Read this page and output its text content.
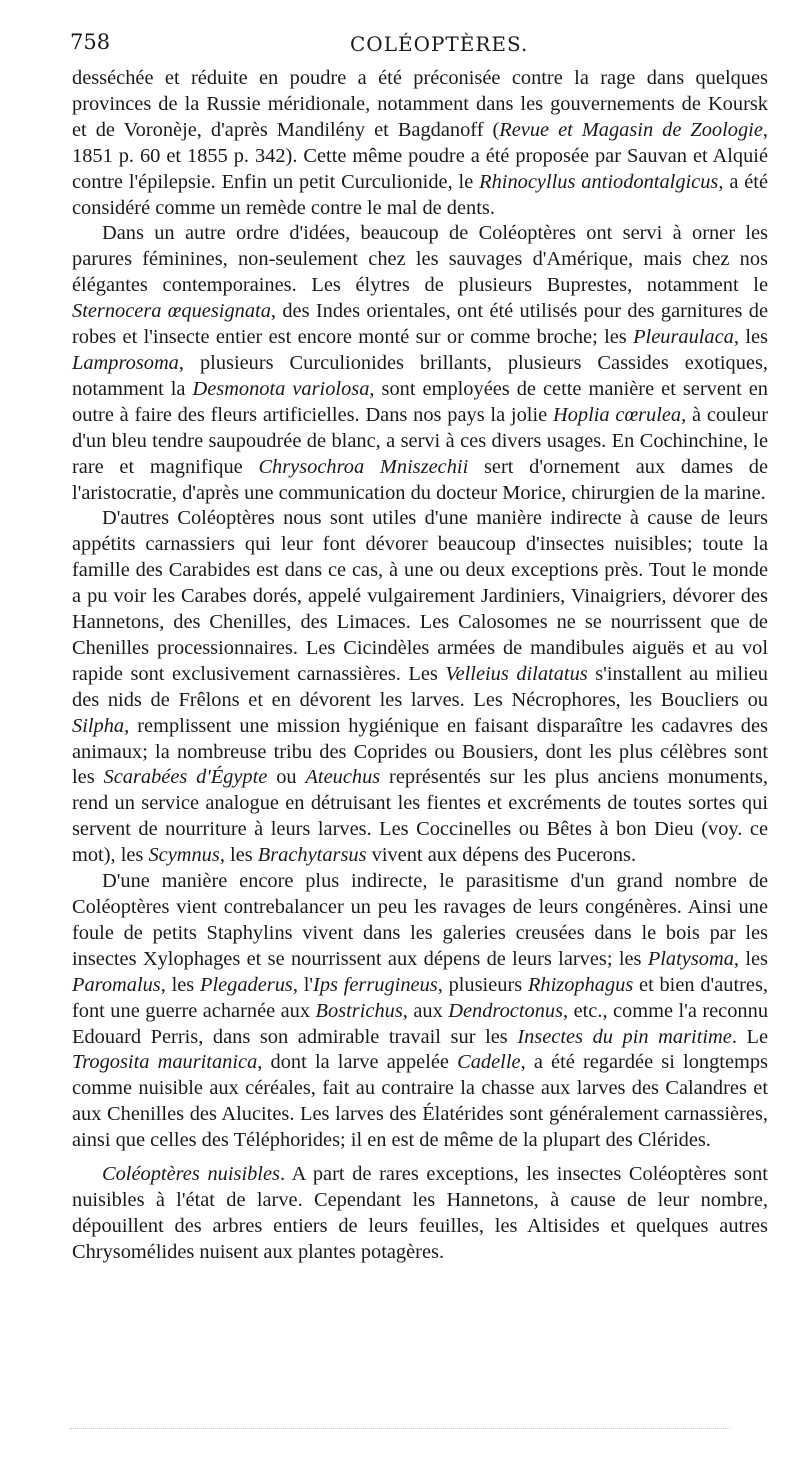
758	COLÉOPTÈRES.

desséchée et réduite en poudre a été préconisée contre la rage dans quelques provinces de la Russie méridionale, notamment dans les gouvernements de Koursk et de Voronèje, d'après Mandilény et Bagdanoff (Revue et Magasin de Zoologie, 1851 p. 60 et 1855 p. 342). Cette même poudre a été proposée par Sauvan et Alquié contre l'épilepsie. Enfin un petit Curculionide, le Rhinocyllus antiodontalgicus, a été considéré comme un remède contre le mal de dents.

Dans un autre ordre d'idées, beaucoup de Coléoptères ont servi à orner les parures féminines, non-seulement chez les sauvages d'Amérique, mais chez nos élégantes contemporaines. Les élytres de plusieurs Buprestes, notamment le Sternocera œquesignata, des Indes orientales, ont été utilisés pour des garnitures de robes et l'insecte entier est encore monté sur or comme broche; les Pleuraulaca, les Lamprosoma, plusieurs Curculionides brillants, plusieurs Cassides exotiques, notamment la Desmonota variolosa, sont employées de cette manière et servent en outre à faire des fleurs artificielles. Dans nos pays la jolie Hoplia cœrulea, à couleur d'un bleu tendre saupoudrée de blanc, a servi à ces divers usages. En Cochinchine, le rare et magnifique Chrysochroa Mniszechii sert d'ornement aux dames de l'aristocratie, d'après une communication du docteur Morice, chirurgien de la marine.

D'autres Coléoptères nous sont utiles d'une manière indirecte à cause de leurs appétits carnassiers qui leur font dévorer beaucoup d'insectes nuisibles; toute la famille des Carabides est dans ce cas, à une ou deux exceptions près. Tout le monde a pu voir les Carabes dorés, appelé vulgairement Jardiniers, Vinaigriers, dévorer des Hannetons, des Chenilles, des Limaces. Les Calosomes ne se nourrissent que de Chenilles processionnaires. Les Cicindèles armées de mandibules aiguës et au vol rapide sont exclusivement carnassières. Les Velleius dilatatus s'installent au milieu des nids de Frêlons et en dévorent les larves. Les Nécrophores, les Boucliers ou Silpha, remplissent une mission hygiénique en faisant disparaître les cadavres des animaux; la nombreuse tribu des Coprides ou Bousiers, dont les plus célèbres sont les Scarabées d'Égypte ou Ateuchus représentés sur les plus anciens monuments, rend un service analogue en détruisant les fientes et excréments de toutes sortes qui servent de nourriture à leurs larves. Les Coccinelles ou Bêtes à bon Dieu (voy. ce mot), les Scymnus, les Brachytarsus vivent aux dépens des Pucerons.

D'une manière encore plus indirecte, le parasitisme d'un grand nombre de Coléoptères vient contrebalancer un peu les ravages de leurs congénères. Ainsi une foule de petits Staphylins vivent dans les galeries creusées dans le bois par les insectes Xylophages et se nourrissent aux dépens de leurs larves; les Platysoma, les Paromalus, les Plegaderus, l'Ips ferrugineus, plusieurs Rhizophagus et bien d'autres, font une guerre acharnée aux Bostrichus, aux Dendroctonus, etc., comme l'a reconnu Edouard Perris, dans son admirable travail sur les Insectes du pin maritime. Le Trogosita mauritanica, dont la larve appelée Cadelle, a été regardée si longtemps comme nuisible aux céréales, fait au contraire la chasse aux larves des Calandres et aux Chenilles des Alucites. Les larves des Élatérides sont généralement carnassières, ainsi que celles des Téléphorides; il en est de même de la plupart des Clérides.

Coléoptères nuisibles. A part de rares exceptions, les insectes Coléoptères sont nuisibles à l'état de larve. Cependant les Hannetons, à cause de leur nombre, dépouillent des arbres entiers de leurs feuilles, les Altisides et quelques autres Chrysomélides nuisent aux plantes potagères.
